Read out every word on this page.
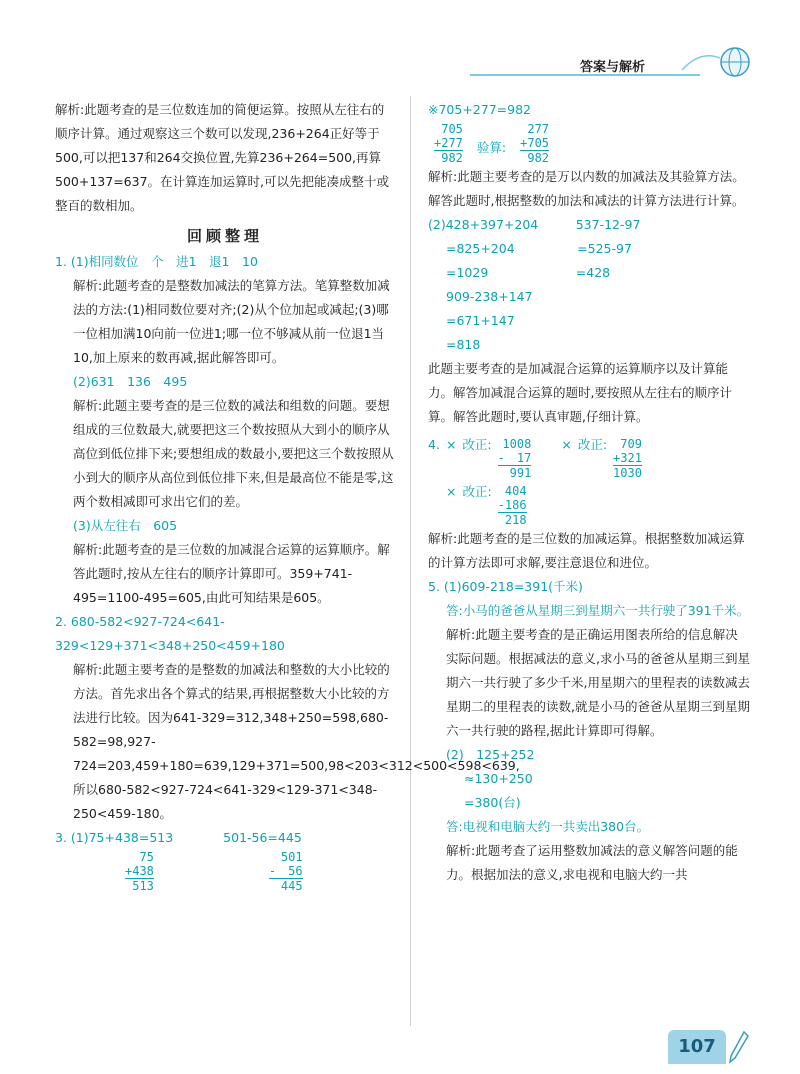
答案与解析

解析:此题考查的是三位数连加的简便运算。按照从左往右的顺序计算。通过观察这三个数可以发现,236+264正好等于500,可以把137和264交换位置,先算236+264=500,再算500+137=637。在计算连加运算时,可以先把能凑成整十或整百的数相加。

回顾整理

1. (1)相同数位　个　进1　退1　10

解析:此题考查的是整数加减法的笔算方法。笔算整数加减法的方法:(1)相同数位要对齐;(2)从个位加起或减起;(3)哪一位相加满10向前一位进1;哪一位不够减从前一位退1当10,加上原来的数再减,据此解答即可。

(2)631　136　495

解析:此题主要考查的是三位数的减法和组数的问题。要想组成的三位数最大,就要把这三个数按照从大到小的顺序从高位到低位排下来;要想组成的数最小,要把这三个数按照从小到大的顺序从高位到低位排下来,但是最高位不能是零,这两个数相减即可求出它们的差。

(3)从左往右　605

解析:此题考查的是三位数的加减混合运算的运算顺序。解答此题时,按从左往右的顺序计算即可。359+741-495=1100-495=605,由此可知结果是605。

2. 680-582<927-724<641-329<129+371<348+250<459+180

解析:此题主要考查的是整数的加减法和整数的大小比较的方法。首先求出各个算式的结果,再根据整数大小比较的方法进行比较。因为641-329=312,348+250=598,680-582=98,927-724=203,459+180=639,129+371=500,98<203<312<500<598<639,所以680-582<927-724<641-329<129-371<348-250<459-180。

3. (1)75+438=513　　　　501-56=445

75
+438
513
501
-　56
445

※705+277=982

705
+277
982
验算:
277
+705
982

解析:此题主要考查的是万以内数的加减法及其验算方法。解答此题时,根据整数的加法和减法的计算方法进行计算。

(2)428+397+204　　　537-12-97

=825+204　　　　　=525-97

=1029　　　　　　　=428

909-238+147

=671+147

=818

此题主要考查的是加减混合运算的运算顺序以及计算能力。解答加减混合运算的题时,要按照从左往右的顺序计算。解答此题时,要认真审题,仔细计算。

4. × 改正: 1008
-　17
991
× 改正:	709
+321
1030
× 改正:	404
-186
218

解析:此题考查的是三位数的加减运算。根据整数加减运算的计算方法即可求解,要注意退位和进位。

5. (1)609-218=391(千米)

答:小马的爸爸从星期三到星期六一共行驶了391千米。

解析:此题主要考查的是正确运用图表所给的信息解决实际问题。根据减法的意义,求小马的爸爸从星期三到星期六一共行驶了多少千米,用星期六的里程表的读数减去星期二的里程表的读数,就是小马的爸爸从星期三到星期六一共行驶的路程,据此计算即可得解。

(2)　125+252

≈130+250

=380(台)

答:电视和电脑大约一共卖出380台。

解析:此题考查了运用整数加减法的意义解答问题的能力。根据加法的意义,求电视和电脑大约一共

107
